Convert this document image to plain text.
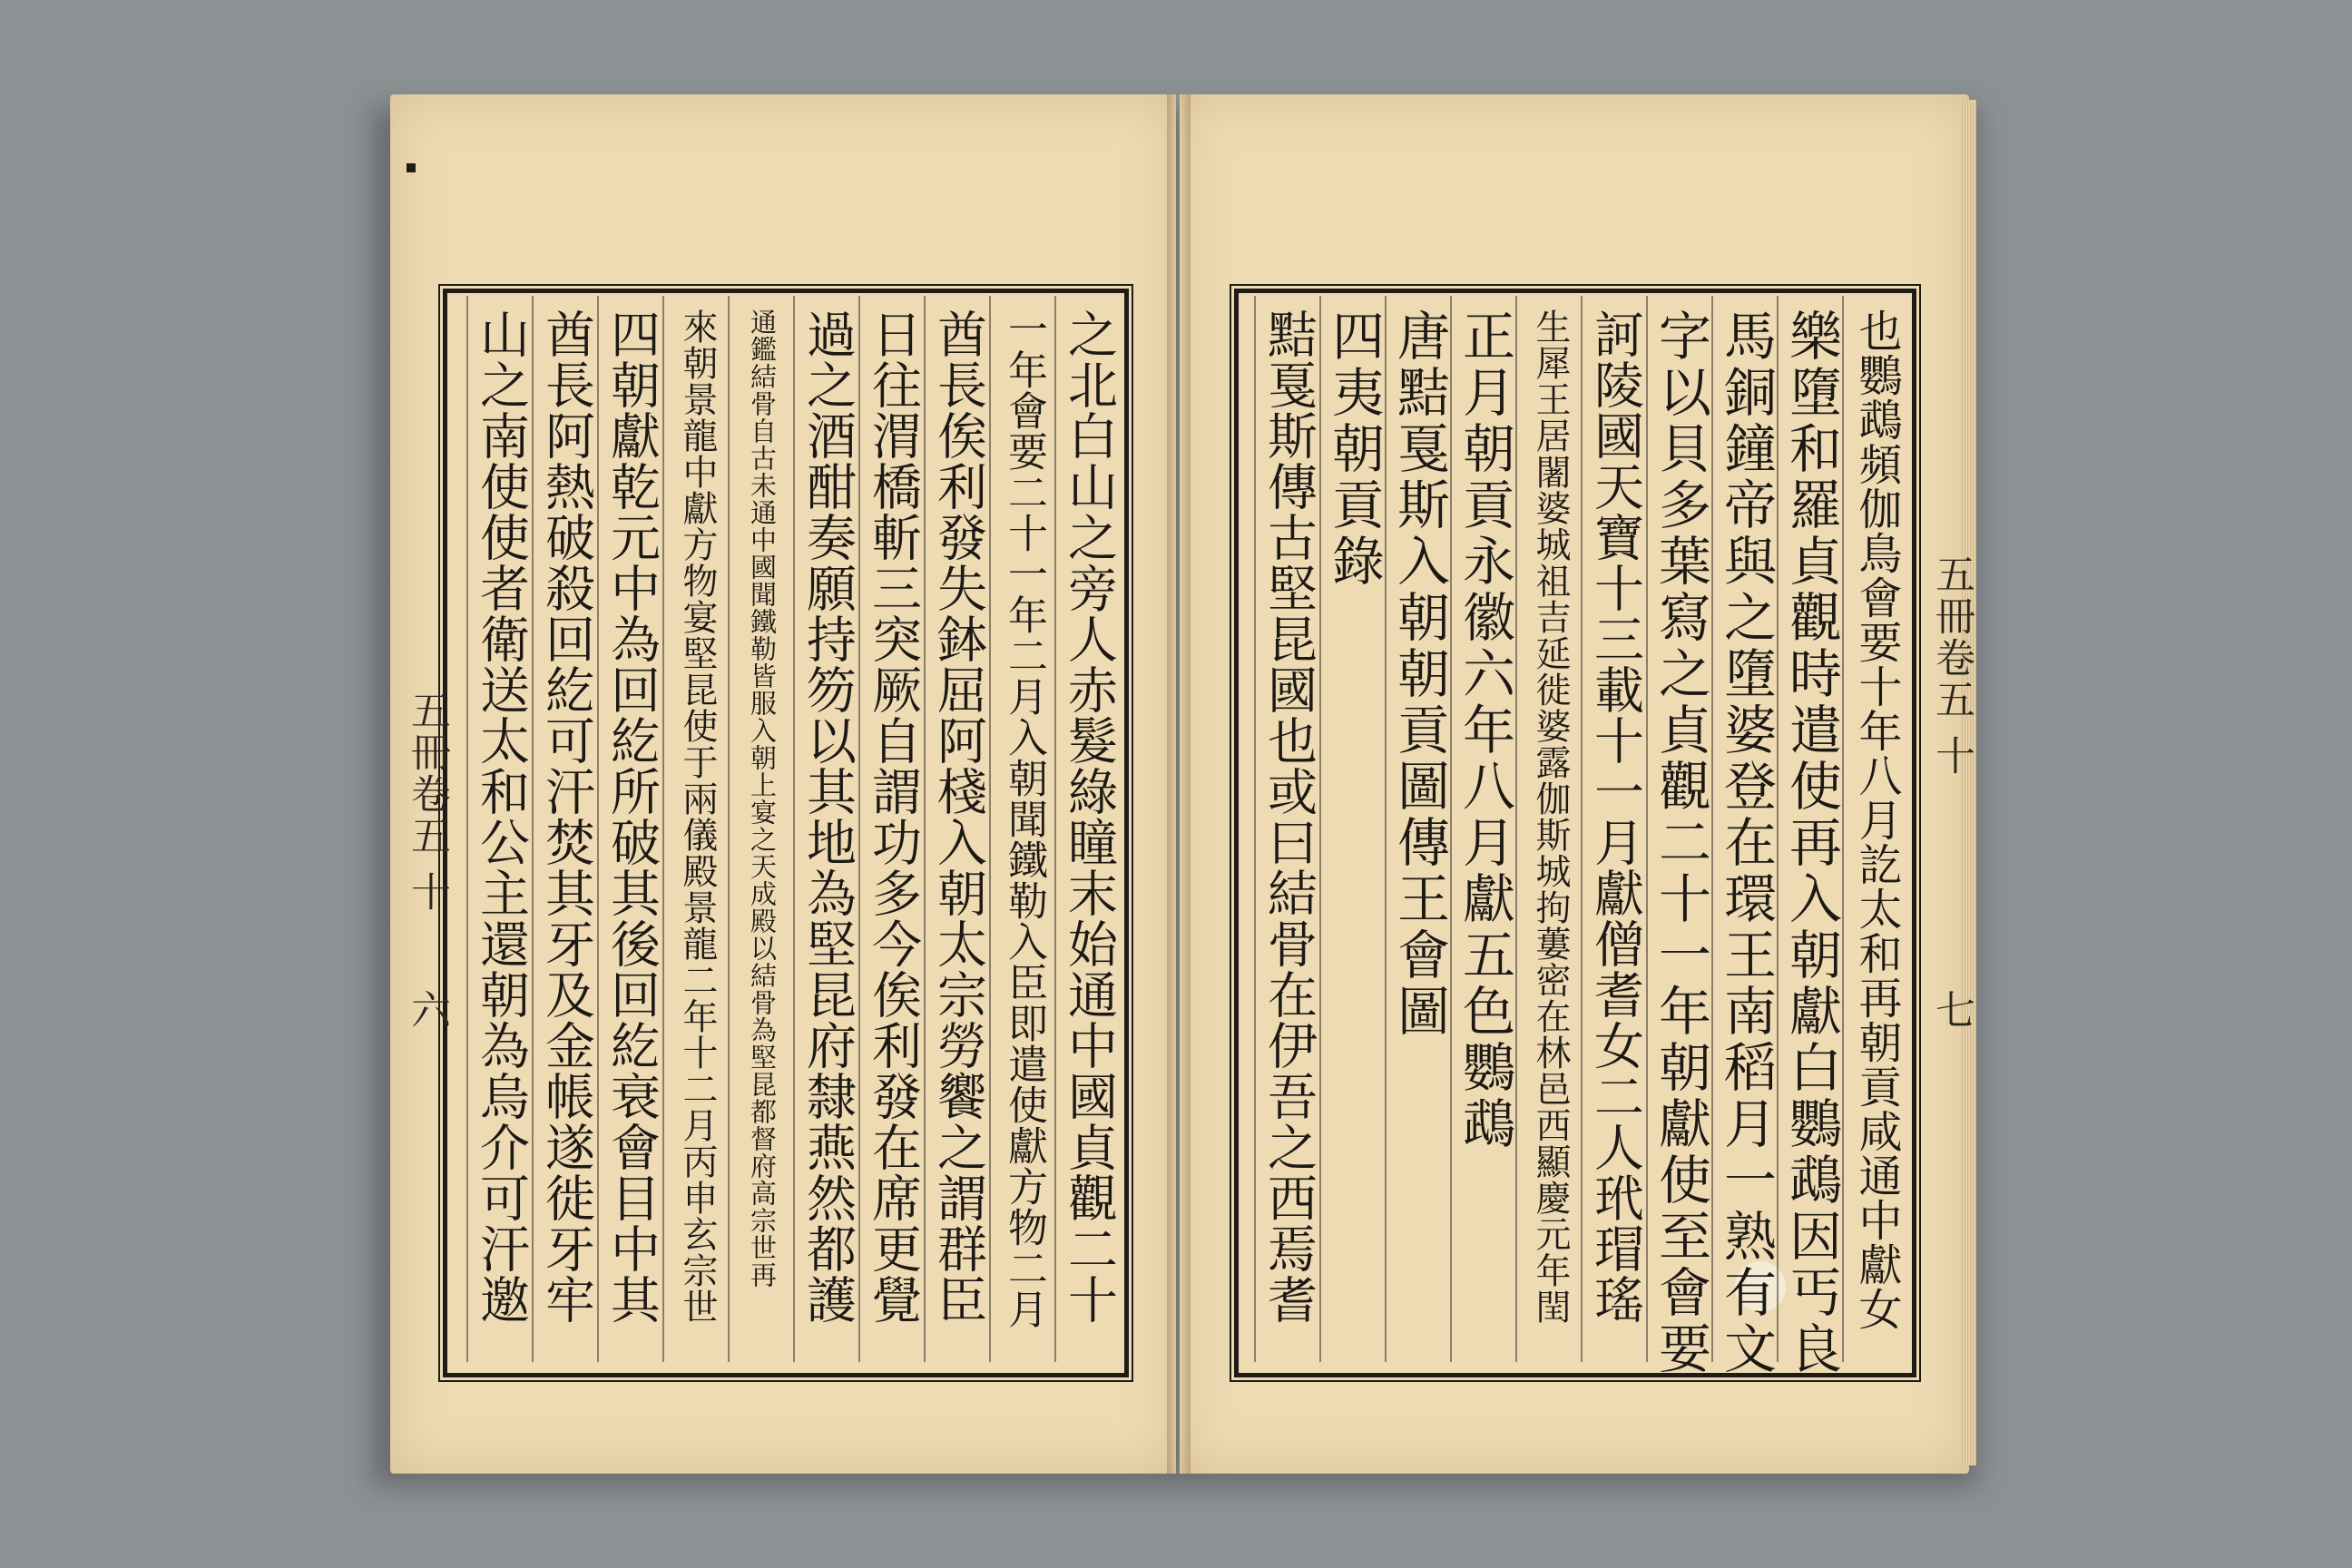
五冊卷五 十
六
五冊卷五 十
七
之北白山之旁人赤髮綠瞳末始通中國貞觀二十
一年會要二十一年二月入朝聞鐵勒入臣即遣使獻方物二月
酋長俟利發失鉢屈阿棧入朝太宗勞饗之謂群臣
日往渭橋斬三突厥自謂功多今俟利發在席更覺
過之酒酣奏願持笏以其地為堅昆府隸燕然都護
通鑑結骨自古未通中國聞鐵勒皆服入朝上宴之天成殿以結骨為堅昆都督府高宗世再
來朝景龍中獻方物宴堅昆使于兩儀殿景龍二年十二月丙申玄宗世
四朝獻乾元中為回紇所破其後回紇衰會目中其
酋長阿熱破殺回紇可汗焚其牙及金帳遂徙牙牢
山之南使使者衛送太和公主還朝為烏介可汗邀	也鸚鵡頻伽鳥會要十年八月訖太和再朝貢咸通中獻女
樂墮和羅貞觀時遣使再入朝獻白鸚鵡因丐良
馬銅鐘帝與之墮婆登在環王南稻月一熟有文
字以貝多葉寫之貞觀二十一年朝獻使至會要
訶陵國天寶十三載十一月獻僧耆女二人玳瑁瑤
生犀王居闍婆城祖吉延徙婆露伽斯城拘蔞密在林邑西顯慶元年閏
正月朝貢永徽六年八月獻五色鸚鵡
唐黠戛斯入朝朝貢圖傳王會圖
四夷朝貢錄
黠戛斯傳古堅昆國也或曰結骨在伊吾之西焉耆
